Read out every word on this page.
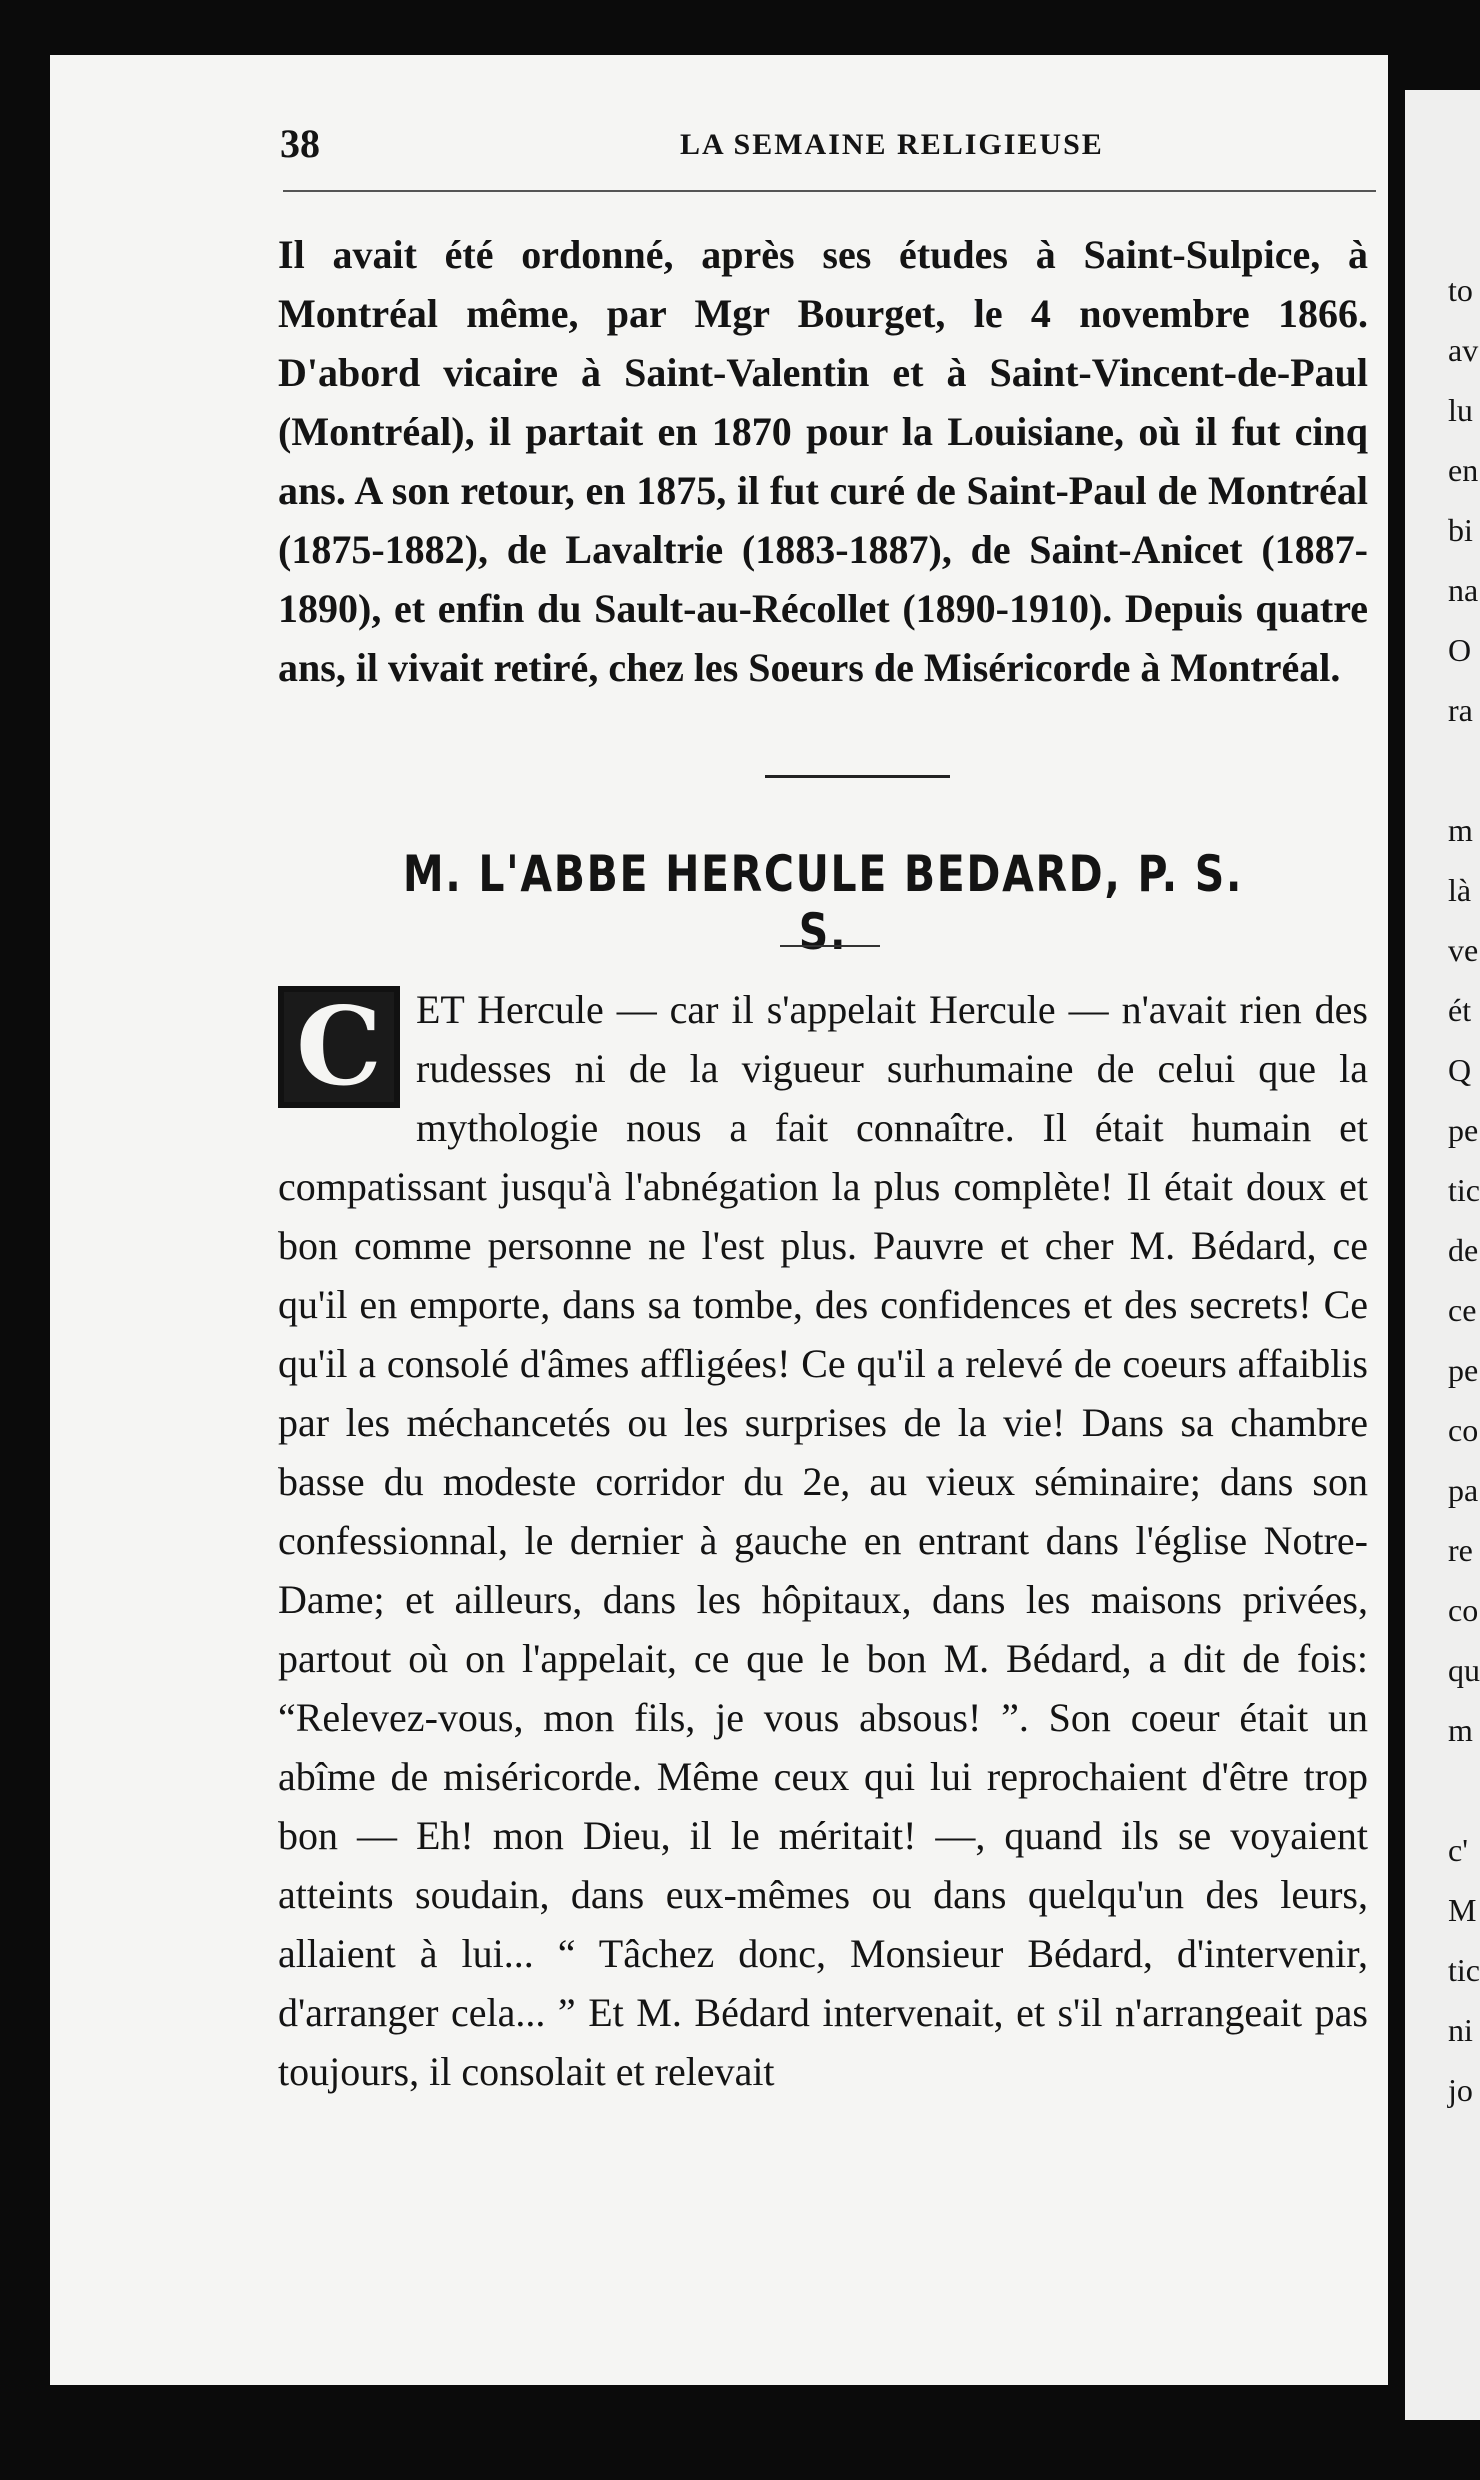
38	LA SEMAINE RELIGIEUSE

Il avait été ordonné, après ses études à Saint-Sulpice, à Montréal même, par Mgr Bourget, le 4 novembre 1866. D'abord vicaire à Saint-Valentin et à Saint-Vincent-de-Paul (Montréal), il partait en 1870 pour la Louisiane, où il fut cinq ans. A son retour, en 1875, il fut curé de Saint-Paul de Montréal (1875-1882), de Lavaltrie (1883-1887), de Saint-Anicet (1887-1890), et enfin du Sault-au-Récollet (1890-1910). Depuis quatre ans, il vivait retiré, chez les Soeurs de Miséricorde à Montréal.

M. L'ABBE HERCULE BEDARD, P. S. S.
C ET Hercule — car il s'appelait Hercule — n'avait rien des rudesses ni de la vigueur surhumaine de celui que la mythologie nous a fait connaître. Il était humain et compatissant jusqu'à l'abnégation la plus complète! Il était doux et bon comme personne ne l'est plus. Pauvre et cher M. Bédard, ce qu'il en emporte, dans sa tombe, des confidences et des secrets! Ce qu'il a consolé d'âmes affligées! Ce qu'il a relevé de coeurs affaiblis par les méchancetés ou les surprises de la vie! Dans sa chambre basse du modeste corridor du 2e, au vieux séminaire; dans son confessionnal, le dernier à gauche en entrant dans l'église Notre-Dame; et ailleurs, dans les hôpitaux, dans les maisons privées, partout où on l'appelait, ce que le bon M. Bédard, a dit de fois: “Relevez-vous, mon fils, je vous absous! ”. Son coeur était un abîme de miséricorde. Même ceux qui lui reprochaient d'être trop bon — Eh! mon Dieu, il le méritait! —, quand ils se voyaient atteints soudain, dans eux-mêmes ou dans quelqu'un des leurs, allaient à lui... “ Tâchez donc, Monsieur Bédard, d'intervenir, d'arranger cela... ” Et M. Bédard intervenait, et s'il n'arrangeait pas toujours, il consolait et relevait

to
av
lu
en
bi
na
O
ra
m
là
ve
ét
Q
pe
tic
de
ce
pe
co
pa
re
co
qu
m
c'
M
tic
ni
jo
